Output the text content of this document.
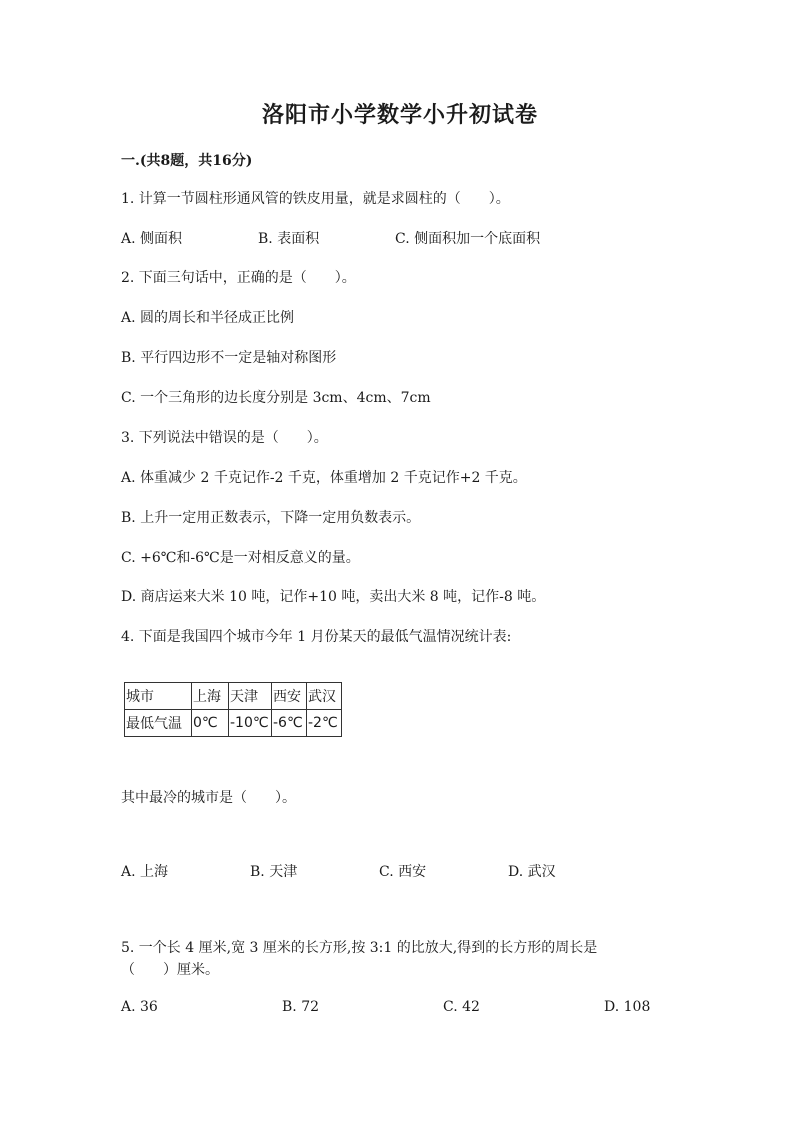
洛阳市小学数学小升初试卷
一.(共8题，共16分)
1. 计算一节圆柱形通风管的铁皮用量，就是求圆柱的（　　）。
A. 侧面积	B. 表面积	C. 侧面积加一个底面积
2. 下面三句话中，正确的是（　　）。
A. 圆的周长和半径成正比例
B. 平行四边形不一定是轴对称图形
C. 一个三角形的边长度分别是 3cm、4cm、7cm
3. 下列说法中错误的是（　　）。
A. 体重减少 2 千克记作-2 千克，体重增加 2 千克记作+2 千克。
B. 上升一定用正数表示，下降一定用负数表示。
C. +6℃和-6℃是一对相反意义的量。
D. 商店运来大米 10 吨，记作+10 吨，卖出大米 8 吨，记作-8 吨。
4. 下面是我国四个城市今年 1 月份某天的最低气温情况统计表:
城市	上海	天津	西安	武汉
最低气温	0℃	-10℃	-6℃	-2℃
其中最冷的城市是（　　）。
A. 上海	B. 天津	C. 西安	D. 武汉
5. 一个长 4 厘米,宽 3 厘米的长方形,按 3:1 的比放大,得到的长方形的周长是
（　　）厘米。
A. 36	B. 72	C. 42	D. 108
